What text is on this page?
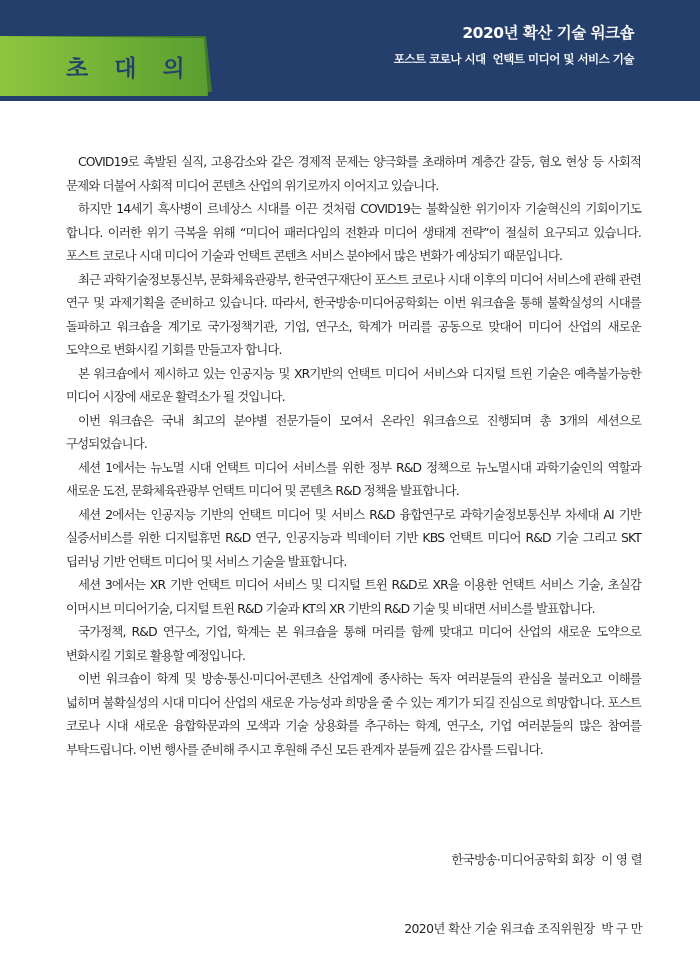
2020년 확산 기술 워크숍
포스트 코로나 시대  언택트 미디어 및 서비스 기술
초 대 의 글

COVID19로 촉발된 실직, 고용감소와 같은 경제적 문제는 양극화를 초래하며 계층간 갈등, 혐오 현상 등 사회적 문제와 더불어 사회적 미디어 콘텐츠 산업의 위기로까지 이어지고 있습니다.

하지만 14세기 흑사병이 르네상스 시대를 이끈 것처럼 COVID19는 불확실한 위기이자 기술혁신의 기회이기도 합니다. 이러한 위기 극복을 위해 “미디어 패러다임의 전환과 미디어 생태계 전략”이 절실히 요구되고 있습니다. 포스트 코로나 시대 미디어 기술과 언택트 콘텐츠 서비스 분야에서 많은 변화가 예상되기 때문입니다.

최근 과학기술정보통신부, 문화체육관광부, 한국연구재단이 포스트 코로나 시대 이후의 미디어 서비스에 관해 관련 연구 및 과제기획을 준비하고 있습니다. 따라서, 한국방송·미디어공학회는 이번 워크숍을 통해 불확실성의 시대를 돌파하고 워크숍을 계기로 국가정책기관, 기업, 연구소, 학계가 머리를 공동으로 맞대어 미디어 산업의 새로운 도약으로 변화시킬 기회를 만들고자 합니다.

본 워크숍에서 제시하고 있는 인공지능 및 XR기반의 언택트 미디어 서비스와 디지털 트윈 기술은 예측불가능한 미디어 시장에 새로운 활력소가 될 것입니다.

이번 워크숍은 국내 최고의 분야별 전문가들이 모여서 온라인 워크숍으로 진행되며 총 3개의 세션으로 구성되었습니다.

세션 1에서는 뉴노멀 시대 언택트 미디어 서비스를 위한 정부 R&D 정책으로 뉴노멀시대 과학기술인의 역할과 새로운 도전, 문화체육관광부 언택트 미디어 및 콘텐츠 R&D 정책을 발표합니다.

세션 2에서는 인공지능 기반의 언택트 미디어 및 서비스 R&D 융합연구로 과학기술정보통신부 차세대 AI 기반 실증서비스를 위한 디지털휴먼 R&D 연구, 인공지능과 빅데이터 기반 KBS 언택트 미디어 R&D 기술 그리고 SKT 딥러닝 기반 언택트 미디어 및 서비스 기술을 발표합니다.

세션 3에서는 XR 기반 언택트 미디어 서비스 및 디지털 트윈 R&D로 XR을 이용한 언택트 서비스 기술, 초실감 이머시브 미디어기술, 디지털 트윈 R&D 기술과 KT의 XR 기반의 R&D 기술 및 비대면 서비스를 발표합니다.

국가정책, R&D 연구소, 기업, 학계는 본 워크숍을 통해 머리를 함께 맞대고 미디어 산업의 새로운 도약으로 변화시킬 기회로 활용할 예정입니다.

이번 워크숍이 학계 및 방송·통신·미디어·콘텐츠 산업계에 종사하는 독자 여러분들의 관심을 불러오고 이해를 넓히며 불확실성의 시대 미디어 산업의 새로운 가능성과 희망을 줄 수 있는 계기가 되길 진심으로 희망합니다. 포스트 코로나 시대 새로운 융합학문과의 모색과 기술 상용화를 추구하는 학계, 연구소, 기업 여러분들의 많은 참여를 부탁드립니다. 이번 행사를 준비해 주시고 후원해 주신 모든 관계자 분들께 깊은 감사를 드립니다.

한국방송·미디어공학회 회장  이 영 렬

2020년 확산 기술 워크숍 조직위원장  박 구 만
